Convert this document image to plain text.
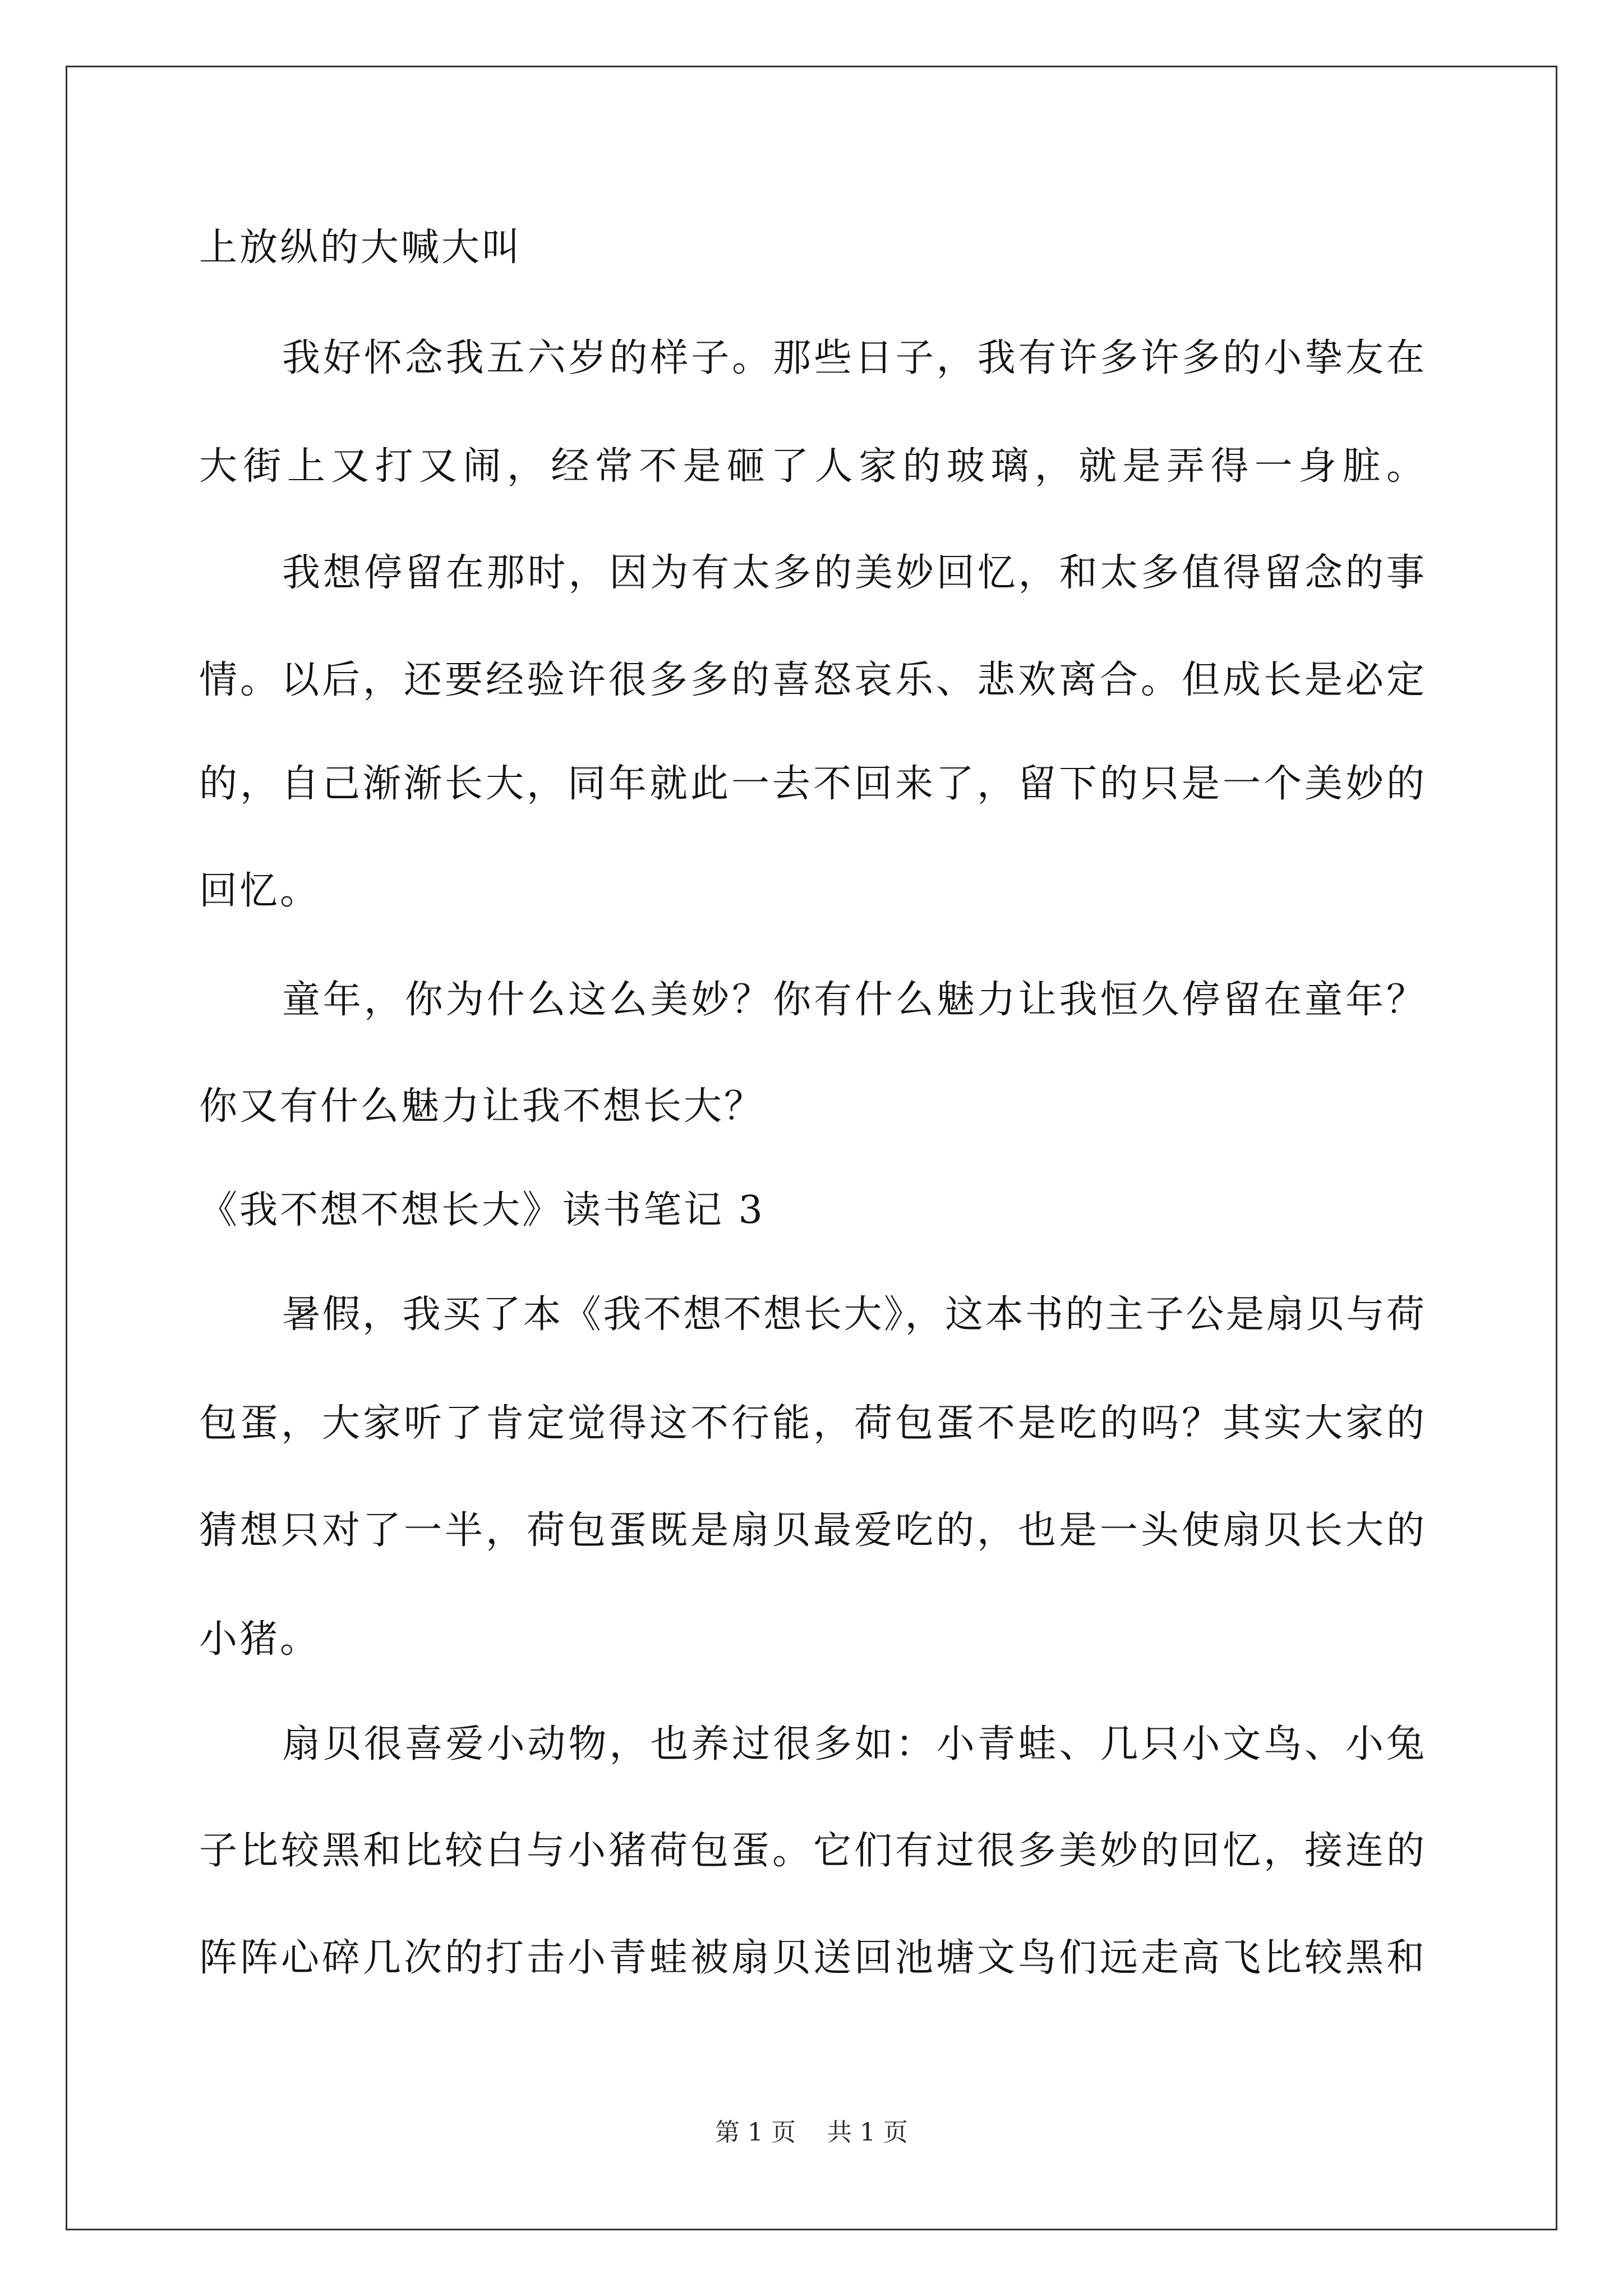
上放纵的大喊大叫

我好怀念我五六岁的样子。那些日子，我有许多许多的小挚友在

大街上又打又闹，经常不是砸了人家的玻璃，就是弄得一身脏。

我想停留在那时，因为有太多的美妙回忆，和太多值得留念的事

情。以后，还要经验许很多多的喜怒哀乐、悲欢离合。但成长是必定

的，自己渐渐长大，同年就此一去不回来了，留下的只是一个美妙的

回忆。

童年，你为什么这么美妙？你有什么魅力让我恒久停留在童年？

你又有什么魅力让我不想长大？

《我不想不想长大》读书笔记 3

暑假，我买了本《我不想不想长大》，这本书的主子公是扇贝与荷

包蛋，大家听了肯定觉得这不行能，荷包蛋不是吃的吗？其实大家的

猜想只对了一半，荷包蛋既是扇贝最爱吃的，也是一头使扇贝长大的

小猪。

扇贝很喜爱小动物，也养过很多如：小青蛙、几只小文鸟、小兔

子比较黑和比较白与小猪荷包蛋。它们有过很多美妙的回忆，接连的

阵阵心碎几次的打击小青蛙被扇贝送回池塘文鸟们远走高飞比较黑和

第 1 页    共 1 页
